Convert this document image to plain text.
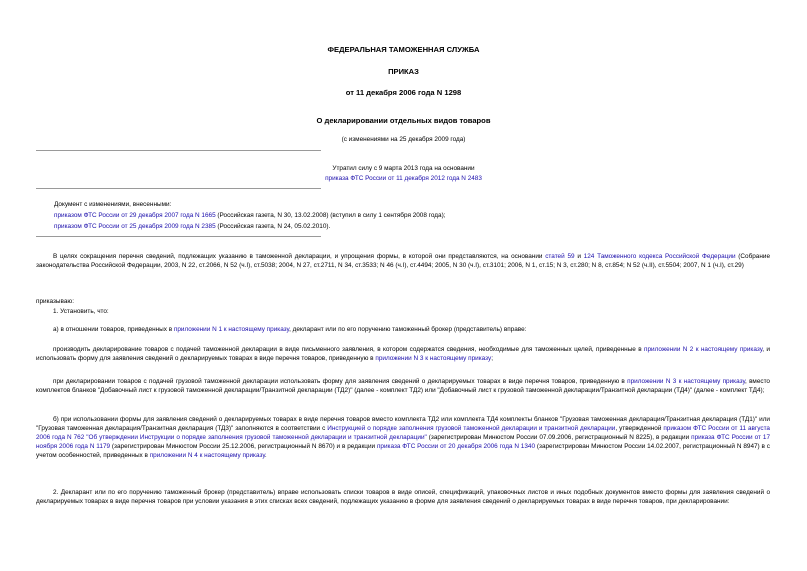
ФЕДЕРАЛЬНАЯ ТАМОЖЕННАЯ СЛУЖБА
ПРИКАЗ
от 11 декабря 2006 года N 1298
О декларировании отдельных видов товаров
(с изменениями на 25 декабря 2009 года)
Утратил силу с 9 марта 2013 года на основании
приказа ФТС России от 11 декабря 2012 года N 2483
Документ с изменениями, внесенными:
приказом ФТС России от 29 декабря 2007 года N 1665 (Российская газета, N 30, 13.02.2008) (вступил в силу 1 сентября 2008 года);
приказом ФТС России от 25 декабря 2009 года N 2385 (Российская газета, N 24, 05.02.2010).
В целях сокращения перечня сведений, подлежащих указанию в таможенной декларации, и упрощения формы, в которой они представляются, на основании статей 59 и 124 Таможенного кодекса Российской Федерации (Собрание законодательства Российской Федерации, 2003, N 22, ст.2066, N 52 (ч.I), ст.5038; 2004, N 27, ст.2711, N 34, ст.3533; N 46 (ч.I), ст.4494; 2005, N 30 (ч.I), ст.3101; 2006, N 1, ст.15; N 3, ст.280; N 8, ст.854; N 52 (ч.II), ст.5504; 2007, N 1 (ч.I), ст.29)
приказываю:
1. Установить, что:
а) в отношении товаров, приведенных в приложении N 1 к настоящему приказу, декларант или по его поручению таможенный брокер (представитель) вправе:
производить декларирование товаров с подачей таможенной декларации в виде письменного заявления, в котором содержатся сведения, необходимые для таможенных целей, приведенные в приложении N 2 к настоящему приказу, и использовать форму для заявления сведений о декларируемых товарах в виде перечня товаров, приведенную в приложении N 3 к настоящему приказу;
при декларировании товаров с подачей грузовой таможенной декларации использовать форму для заявления сведений о декларируемых товарах в виде перечня товаров, приведенную в приложении N 3 к настоящему приказу, вместо комплектов бланков "Добавочный лист к грузовой таможенной декларации/Транзитной декларации (ТД2)" (далее - комплект ТД2) или "Добавочный лист к грузовой таможенной декларации/Транзитной декларации (ТД4)" (далее - комплект ТД4);
б) при использовании формы для заявления сведений о декларируемых товарах в виде перечня товаров вместо комплекта ТД2 или комплекта ТД4 комплекты бланков "Грузовая таможенная декларация/Транзитная декларация (ТД1)" или "Грузовая таможенная декларация/Транзитная декларация (ТД3)" заполняются в соответствии с Инструкцией о порядке заполнения грузовой таможенной декларации и транзитной декларации, утвержденной приказом ФТС России от 11 августа 2006 года N 762 "Об утверждении Инструкции о порядке заполнения грузовой таможенной декларации и транзитной декларации" (зарегистрирован Минюстом России 07.09.2006, регистрационный N 8225), в редакции приказа ФТС России от 17 ноября 2006 года N 1179 (зарегистрирован Минюстом России 25.12.2006, регистрационный N 8670) и в редакции приказа ФТС России от 20 декабря 2006 года N 1340 (зарегистрирован Минюстом России 14.02.2007, регистрационный N 8947) в с учетом особенностей, приведенных в приложении N 4 к настоящему приказу.
2. Декларант или по его поручению таможенный брокер (представитель) вправе использовать списки товаров в виде описей, спецификаций, упаковочных листов и иных подобных документов вместо формы для заявления сведений о декларируемых товарах в виде перечня товаров при условии указания в этих списках всех сведений, подлежащих указанию в форме для заявления сведений о декларируемых товарах в виде перечня товаров, при декларировании:
